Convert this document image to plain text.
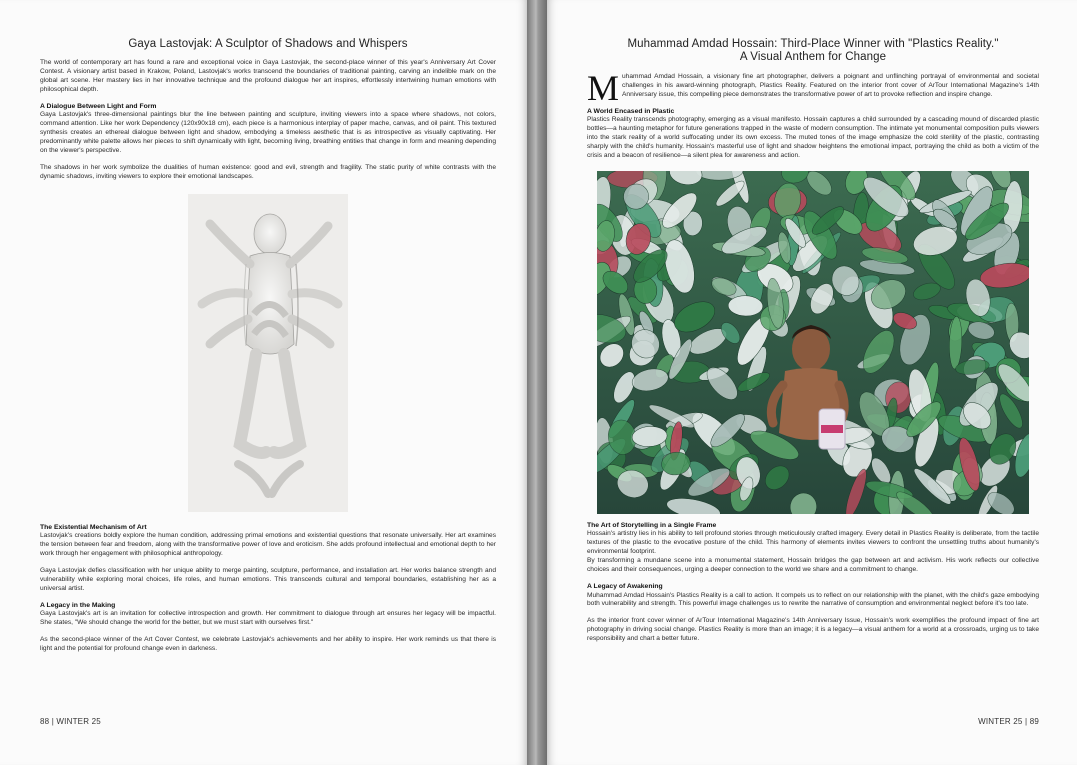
Gaya Lastovjak: A Sculptor of Shadows and Whispers

The world of contemporary art has found a rare and exceptional voice in Gaya Lastovjak, the second-place winner of this year's Anniversary Art Cover Contest. A visionary artist based in Krakow, Poland, Lastovjak's works transcend the boundaries of traditional painting, carving an indelible mark on the global art scene. Her mastery lies in her innovative technique and the profound dialogue her art inspires, effortlessly intertwining human emotions with philosophical depth.

A Dialogue Between Light and Form

Gaya Lastovjak's three-dimensional paintings blur the line between painting and sculpture, inviting viewers into a space where shadows, not colors, command attention. Like her work Dependency (120x90x18 cm), each piece is a harmonious interplay of paper mache, canvas, and oil paint. This textured synthesis creates an ethereal dialogue between light and shadow, embodying a timeless aesthetic that is as introspective as visually captivating. Her predominantly white palette allows her pieces to shift dynamically with light, becoming living, breathing entities that change in form and meaning depending on the viewer's perspective.

The shadows in her work symbolize the dualities of human existence: good and evil, strength and fragility. The static purity of white contrasts with the dynamic shadows, inviting viewers to explore their emotional landscapes.

The Existential Mechanism of Art

Lastovjak's creations boldly explore the human condition, addressing primal emotions and existential questions that resonate universally. Her art examines the tension between fear and freedom, along with the transformative power of love and eroticism. She adds profound intellectual and emotional depth to her work through her engagement with philosophical anthropology.

Gaya Lastovjak defies classification with her unique ability to merge painting, sculpture, performance, and installation art. Her works balance strength and vulnerability while exploring moral choices, life roles, and human emotions. This transcends cultural and temporal boundaries, establishing her as a universal artist.

A Legacy in the Making

Gaya Lastovjak's art is an invitation for collective introspection and growth. Her commitment to dialogue through art ensures her legacy will be impactful. She states, "We should change the world for the better, but we must start with ourselves first."

As the second-place winner of the Art Cover Contest, we celebrate Lastovjak's achievements and her ability to inspire. Her work reminds us that there is light and the potential for profound change even in darkness.

88 | WINTER 25
Muhammad Amdad Hossain: Third-Place Winner with "Plastics Reality."
A Visual Anthem for Change
M uhammad Amdad Hossain, a visionary fine art photographer, delivers a poignant and unflinching portrayal of environmental and societal challenges in his award-winning photograph, Plastics Reality. Featured on the interior front cover of ArTour International Magazine's 14th Anniversary issue, this compelling piece demonstrates the transformative power of art to provoke reflection and inspire change.

A World Encased in Plastic

Plastics Reality transcends photography, emerging as a visual manifesto. Hossain captures a child surrounded by a cascading mound of discarded plastic bottles—a haunting metaphor for future generations trapped in the waste of modern consumption. The intimate yet monumental composition pulls viewers into the stark reality of a world suffocating under its own excess. The muted tones of the image emphasize the cold sterility of the plastic, contrasting sharply with the child's humanity. Hossain's masterful use of light and shadow heightens the emotional impact, portraying the child as both a victim of the crisis and a beacon of resilience—a silent plea for awareness and action.

The Art of Storytelling in a Single Frame

Hossain's artistry lies in his ability to tell profound stories through meticulously crafted imagery. Every detail in Plastics Reality is deliberate, from the tactile textures of the plastic to the evocative posture of the child. This harmony of elements invites viewers to confront the unsettling truths about humanity's environmental footprint.

By transforming a mundane scene into a monumental statement, Hossain bridges the gap between art and activism. His work reflects our collective choices and their consequences, urging a deeper connection to the world we share and a commitment to change.

A Legacy of Awakening

Muhammad Amdad Hossain's Plastics Reality is a call to action. It compels us to reflect on our relationship with the planet, with the child's gaze embodying both vulnerability and strength. This powerful image challenges us to rewrite the narrative of consumption and environmental neglect before it's too late.

As the interior front cover winner of ArTour International Magazine's 14th Anniversary Issue, Hossain's work exemplifies the profound impact of fine art photography in driving social change. Plastics Reality is more than an image; it is a legacy—a visual anthem for a world at a crossroads, urging us to take responsibility and chart a better future.

WINTER 25 | 89
